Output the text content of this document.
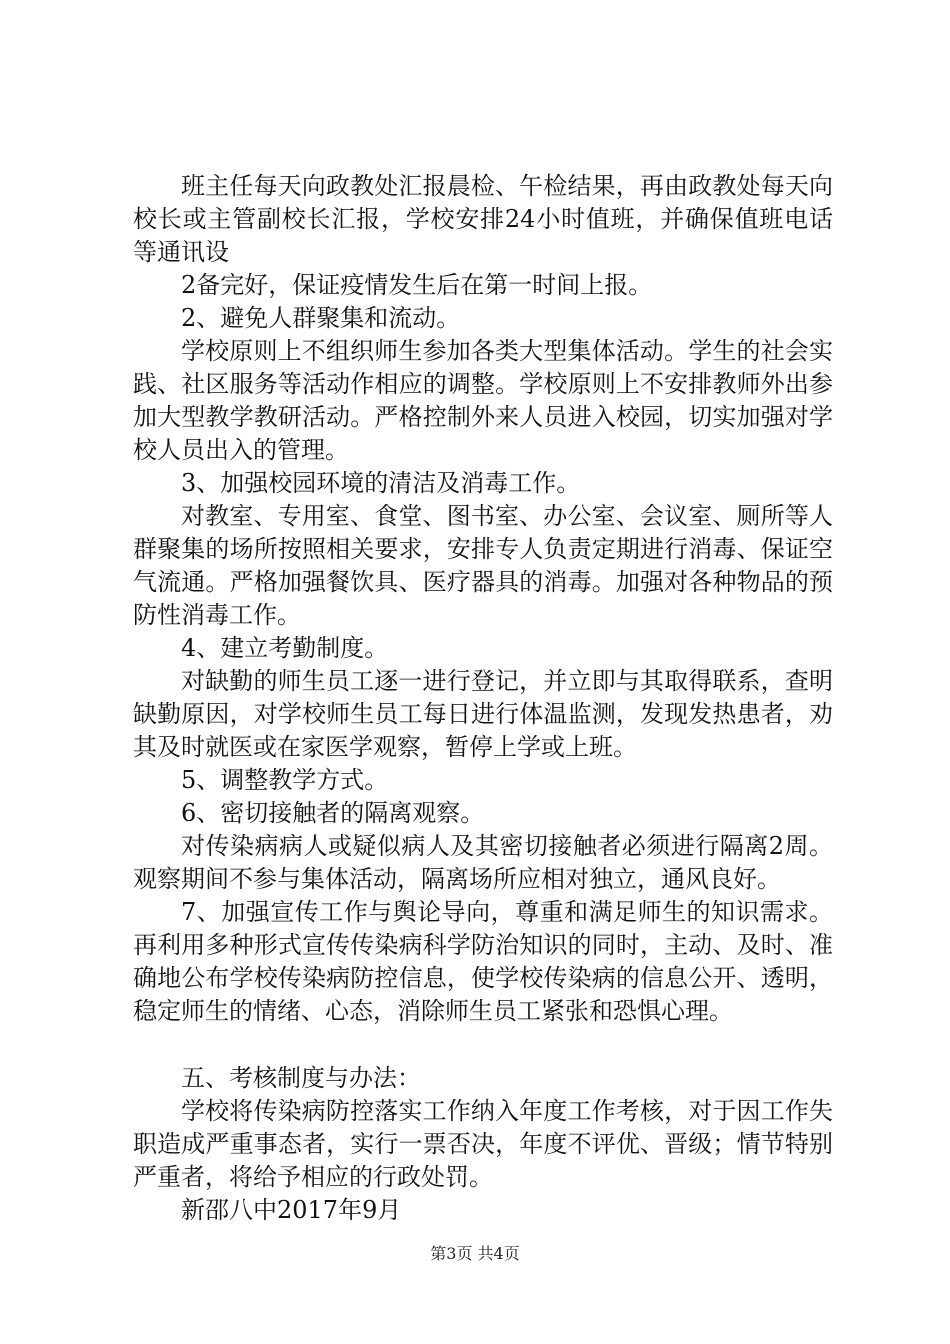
班主任每天向政教处汇报晨检、午检结果，再由政教处每天向校长或主管副校长汇报，学校安排24小时值班，并确保值班电话等通讯设

2备完好，保证疫情发生后在第一时间上报。

2、避免人群聚集和流动。

学校原则上不组织师生参加各类大型集体活动。学生的社会实践、社区服务等活动作相应的调整。学校原则上不安排教师外出参加大型教学教研活动。严格控制外来人员进入校园，切实加强对学校人员出入的管理。

3、加强校园环境的清洁及消毒工作。

对教室、专用室、食堂、图书室、办公室、会议室、厕所等人群聚集的场所按照相关要求，安排专人负责定期进行消毒、保证空气流通。严格加强餐饮具、医疗器具的消毒。加强对各种物品的预防性消毒工作。

4、建立考勤制度。

对缺勤的师生员工逐一进行登记，并立即与其取得联系，查明缺勤原因，对学校师生员工每日进行体温监测，发现发热患者，劝其及时就医或在家医学观察，暂停上学或上班。

5、调整教学方式。

6、密切接触者的隔离观察。

对传染病病人或疑似病人及其密切接触者必须进行隔离2周。观察期间不参与集体活动，隔离场所应相对独立，通风良好。

7、加强宣传工作与舆论导向，尊重和满足师生的知识需求。再利用多种形式宣传传染病科学防治知识的同时，主动、及时、准确地公布学校传染病防控信息，使学校传染病的信息公开、透明，稳定师生的情绪、心态，消除师生员工紧张和恐惧心理。

五、考核制度与办法：

学校将传染病防控落实工作纳入年度工作考核，对于因工作失职造成严重事态者，实行一票否决，年度不评优、晋级；情节特别严重者，将给予相应的行政处罚。

新邵八中2017年9月

第3页 共4页
